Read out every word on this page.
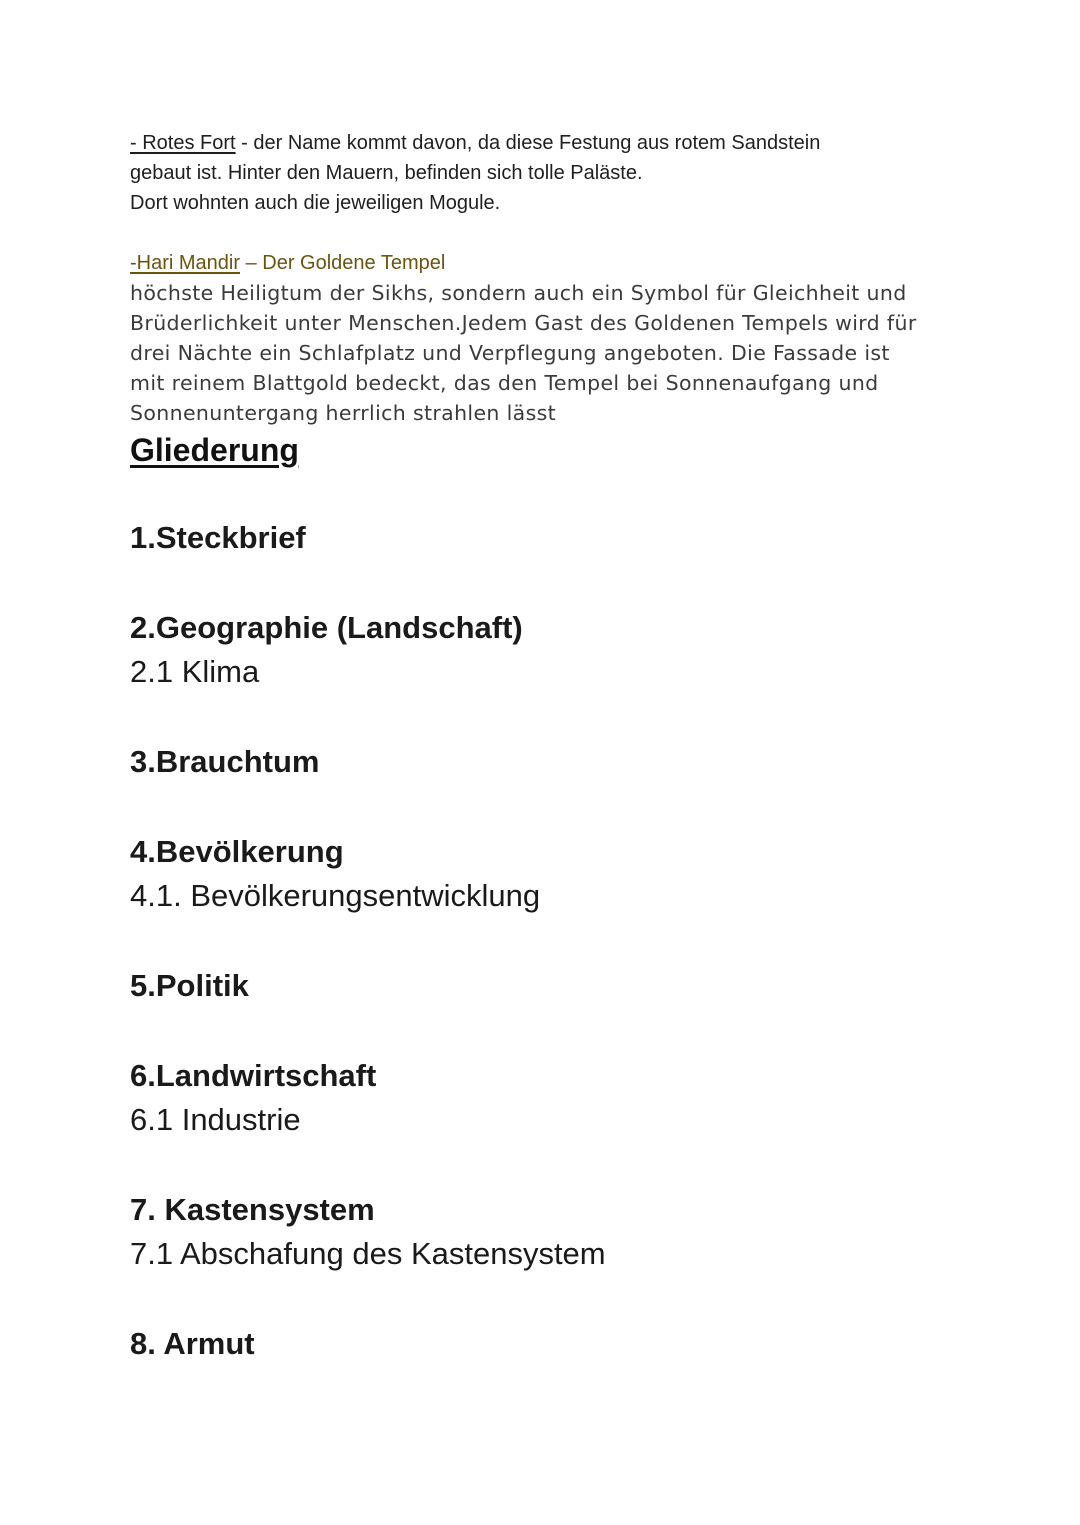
- Rotes Fort - der Name kommt davon, da diese Festung aus rotem Sandstein

gebaut ist. Hinter den Mauern, befinden sich tolle Paläste.

Dort wohnten auch die jeweiligen Mogule.

-Hari Mandir – Der Goldene Tempel

höchste Heiligtum der Sikhs, sondern auch ein Symbol für Gleichheit und

Brüderlichkeit unter Menschen.Jedem Gast des Goldenen Tempels wird für

drei Nächte ein Schlafplatz und Verpflegung angeboten. Die Fassade ist

mit reinem Blattgold bedeckt, das den Tempel bei Sonnenaufgang und

Sonnenuntergang herrlich strahlen lässt

Gliederung

1.Steckbrief

2.Geographie (Landschaft)

2.1 Klima

3.Brauchtum

4.Bevölkerung

4.1. Bevölkerungsentwicklung

5.Politik

6.Landwirtschaft

6.1 Industrie

7. Kastensystem

7.1 Abschafung des Kastensystem

8. Armut
